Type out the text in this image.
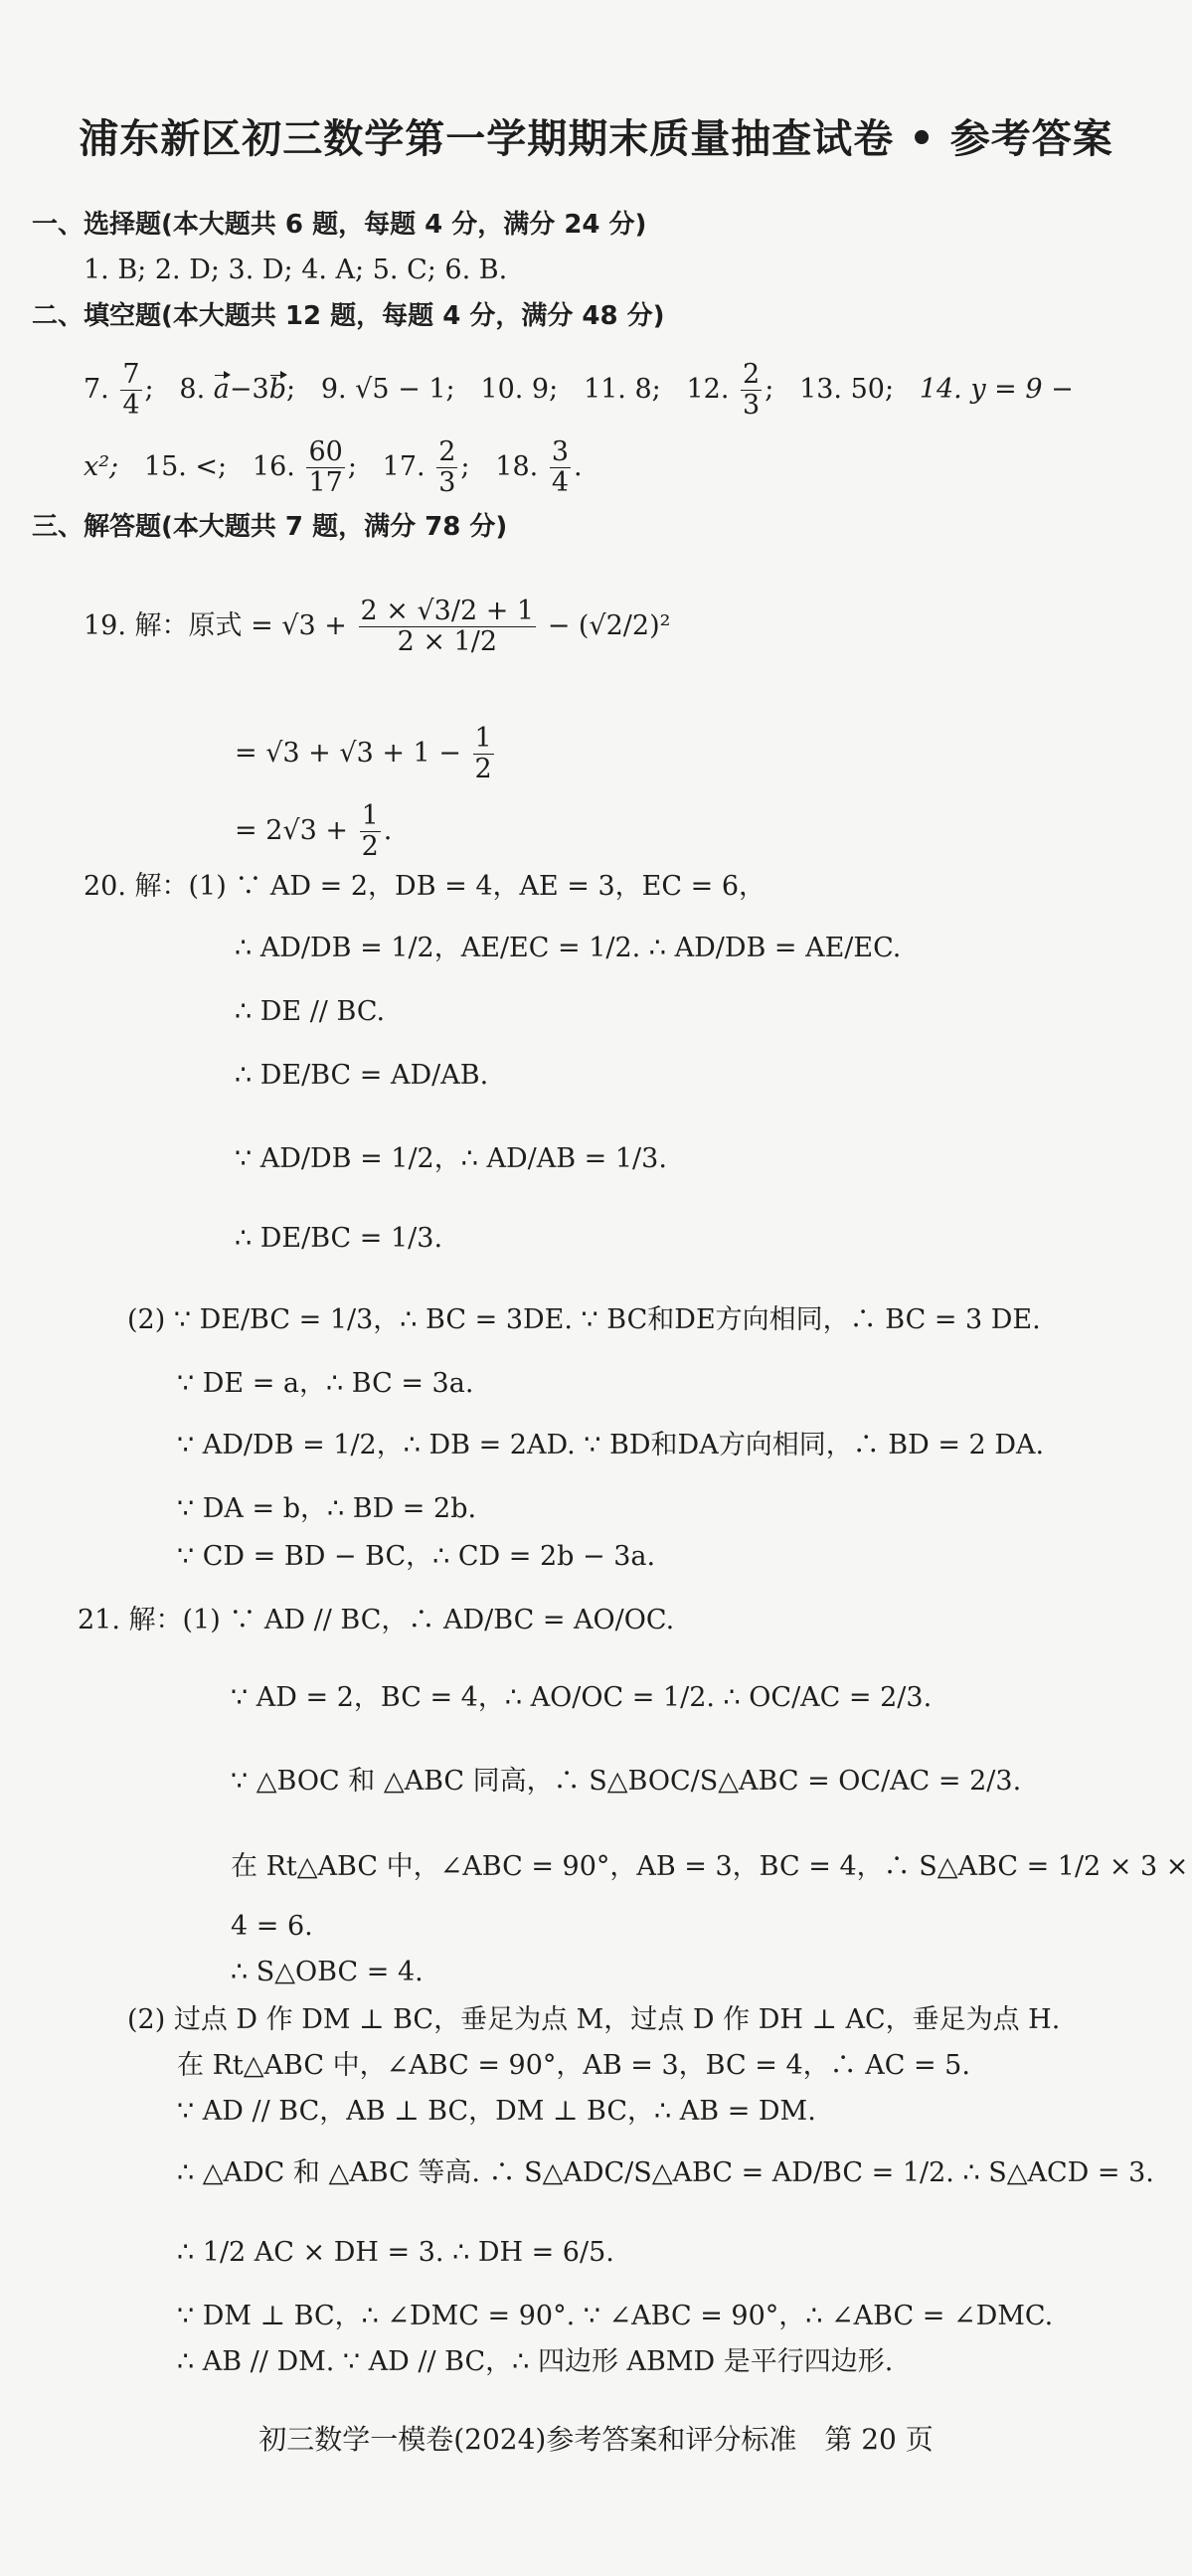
浦东新区初三数学第一学期期末质量抽查试卷 • 参考答案
一、选择题(本大题共 6 题，每题 4 分，满分 24 分)
1. B; 2. D; 3. D; 4. A; 5. C; 6. B.
二、填空题(本大题共 12 题，每题 4 分，满分 48 分)
7. $\frac{7}{4}$ ;   8. a−3b;   9. √5 − 1; 10. 9; 11. 8; 12. $\frac{2}{3}$ ;   13. 50; 14. y = 9 −
x²; 15. <; 16. $\frac{60}{17}$ ;   17. $\frac{2}{3}$ ;   18. $\frac{3}{4}$ .
三、解答题(本大题共 7 题，满分 78 分)
19. 解：原式 = $√3 + \frac{2 \times √3/2 + 1}{2 \times 1/2} - (√2/2)^2$
= $√3 + √3 + 1 - \frac{1}{2}$
= $2√3 + \frac{1}{2}$ .
20. 解：(1) ∵ AD = 2，DB = 4，AE = 3，EC = 6，
∴ AD/DB = 1/2，AE/EC = 1/2. ∴ AD/DB = AE/EC.
∴ DE // BC.
∴ DE/BC = AD/AB.
∵ AD/DB = 1/2，∴ AD/AB = 1/3.
∴ DE/BC = 1/3.
(2) ∵ DE/BC = 1/3，∴ BC = 3DE. ∵ BC和DE方向相同，∴ BC = 3 DE.
∵ DE = a，∴ BC = 3a.
∵ AD/DB = 1/2，∴ DB = 2AD. ∵ BD和DA方向相同，∴ BD = 2 DA.
∵ DA = b，∴ BD = 2b.
∵ CD = BD − BC，∴ CD = 2b − 3a.
21. 解：(1) ∵ AD // BC，∴ AD/BC = AO/OC.
∵ AD = 2，BC = 4，∴ AO/OC = 1/2. ∴ OC/AC = 2/3.
∵ △BOC 和 △ABC 同高，∴ S△BOC/S△ABC = OC/AC = 2/3.
在 Rt△ABC 中，∠ABC = 90°，AB = 3，BC = 4，∴ S△ABC = 1/2 × 3 ×
4 = 6.
∴ S△OBC = 4.
(2) 过点 D 作 DM ⊥ BC，垂足为点 M，过点 D 作 DH ⊥ AC，垂足为点 H.
在 Rt△ABC 中，∠ABC = 90°，AB = 3，BC = 4，∴ AC = 5.
∵ AD // BC，AB ⊥ BC，DM ⊥ BC，∴ AB = DM.
∴ △ADC 和 △ABC 等高. ∴ S△ADC/S△ABC = AD/BC = 1/2. ∴ S△ACD = 3.
∴ 1/2 AC × DH = 3. ∴ DH = 6/5.
∵ DM ⊥ BC，∴ ∠DMC = 90°. ∵ ∠ABC = 90°，∴ ∠ABC = ∠DMC.
∴ AB // DM. ∵ AD // BC，∴ 四边形 ABMD 是平行四边形.
初三数学一模卷(2024)参考答案和评分标准　第 20 页
